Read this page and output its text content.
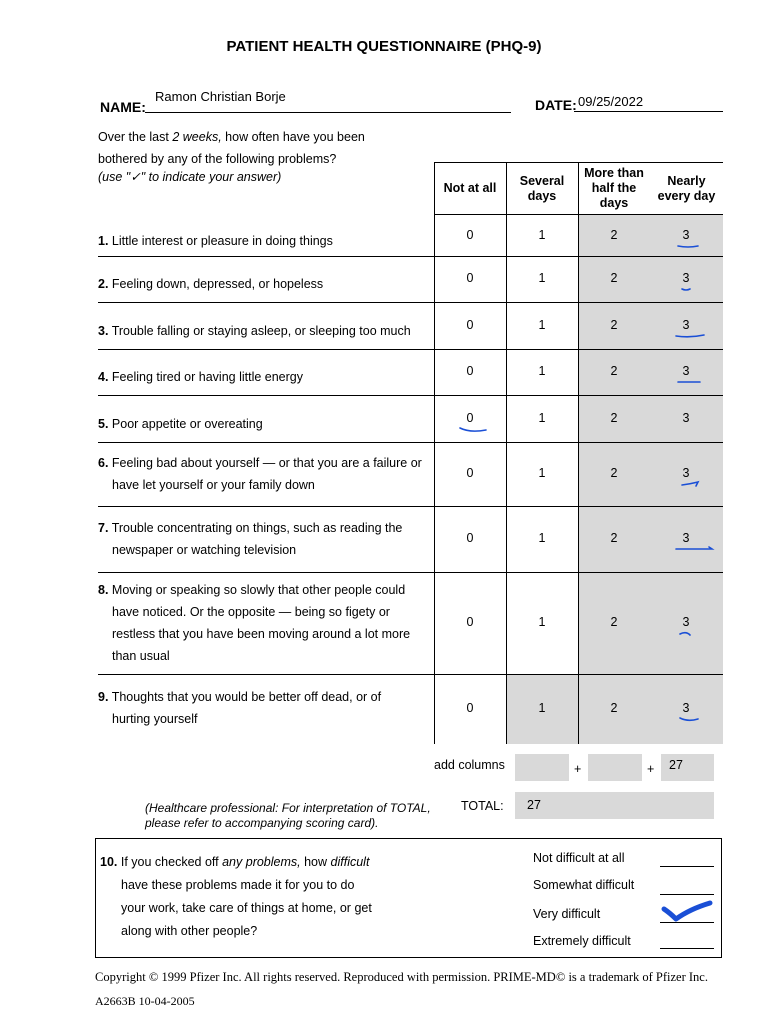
PATIENT HEALTH QUESTIONNAIRE (PHQ-9)
NAME:
Ramon Christian Borje
DATE: 09/25/2022
Over the last 2 weeks, how often have you been
bothered by any of the following problems?
(use "✓" to indicate your answer)
Not at all
Several days
More than half the days
Nearly every day
1. Little interest or pleasure in doing things	0	1	2	3
2. Feeling down, depressed, or hopeless	0	1	2	3
3. Trouble falling or staying asleep, or sleeping too much	0	1	2	3
4. Feeling tired or having little energy	0	1	2	3
5. Poor appetite or overeating	0	1	2	3
6. Feeling bad about yourself — or that you are a failure or
have let yourself or your family down
0	1	2	3
7. Trouble concentrating on things, such as reading the
newspaper or watching television
0	1	2	3
8. Moving or speaking so slowly that other people could
have noticed. Or the opposite — being so figety or
restless that you have been moving around a lot more
than usual
0	1	2	3
9. Thoughts that you would be better off dead, or of
hurting yourself
0	1	2	3
add columns	+	+ 27
(Healthcare professional: For interpretation of TOTAL,
please refer to accompanying scoring card).
TOTAL: 27
10. If you checked off any problems, how difficult
have these problems made it for you to do
your work, take care of things at home, or get
along with other people?
Not difficult at all
Somewhat difficult
Very difficult
Extremely difficult
Copyright © 1999 Pfizer Inc. All rights reserved. Reproduced with permission. PRIME-MD© is a trademark of Pfizer Inc.
A2663B 10-04-2005
